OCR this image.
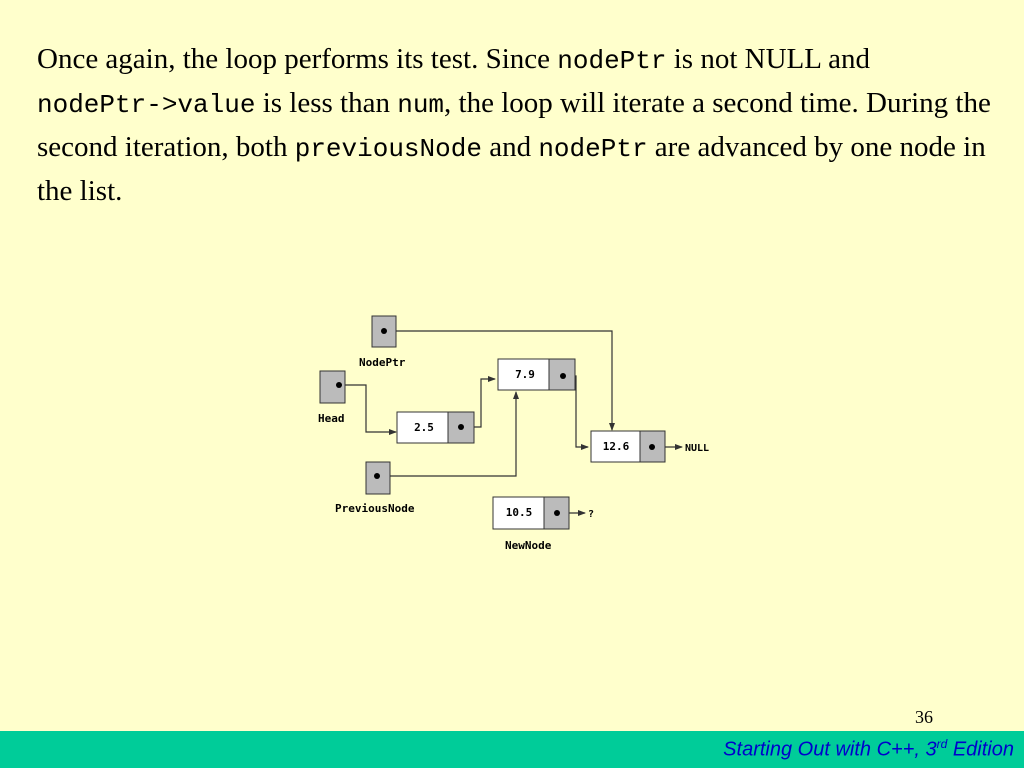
Once again, the loop performs its test. Since nodePtr is not NULL and nodePtr->value is less than num, the loop will iterate a second time. During the second iteration, both previousNode and nodePtr are advanced by one node in the list.
2.5
7.9
12.6
10.5
NodePtr
Head
PreviousNode
NewNode
NULL
?
36
Starting Out with C++, 3rd Edition
